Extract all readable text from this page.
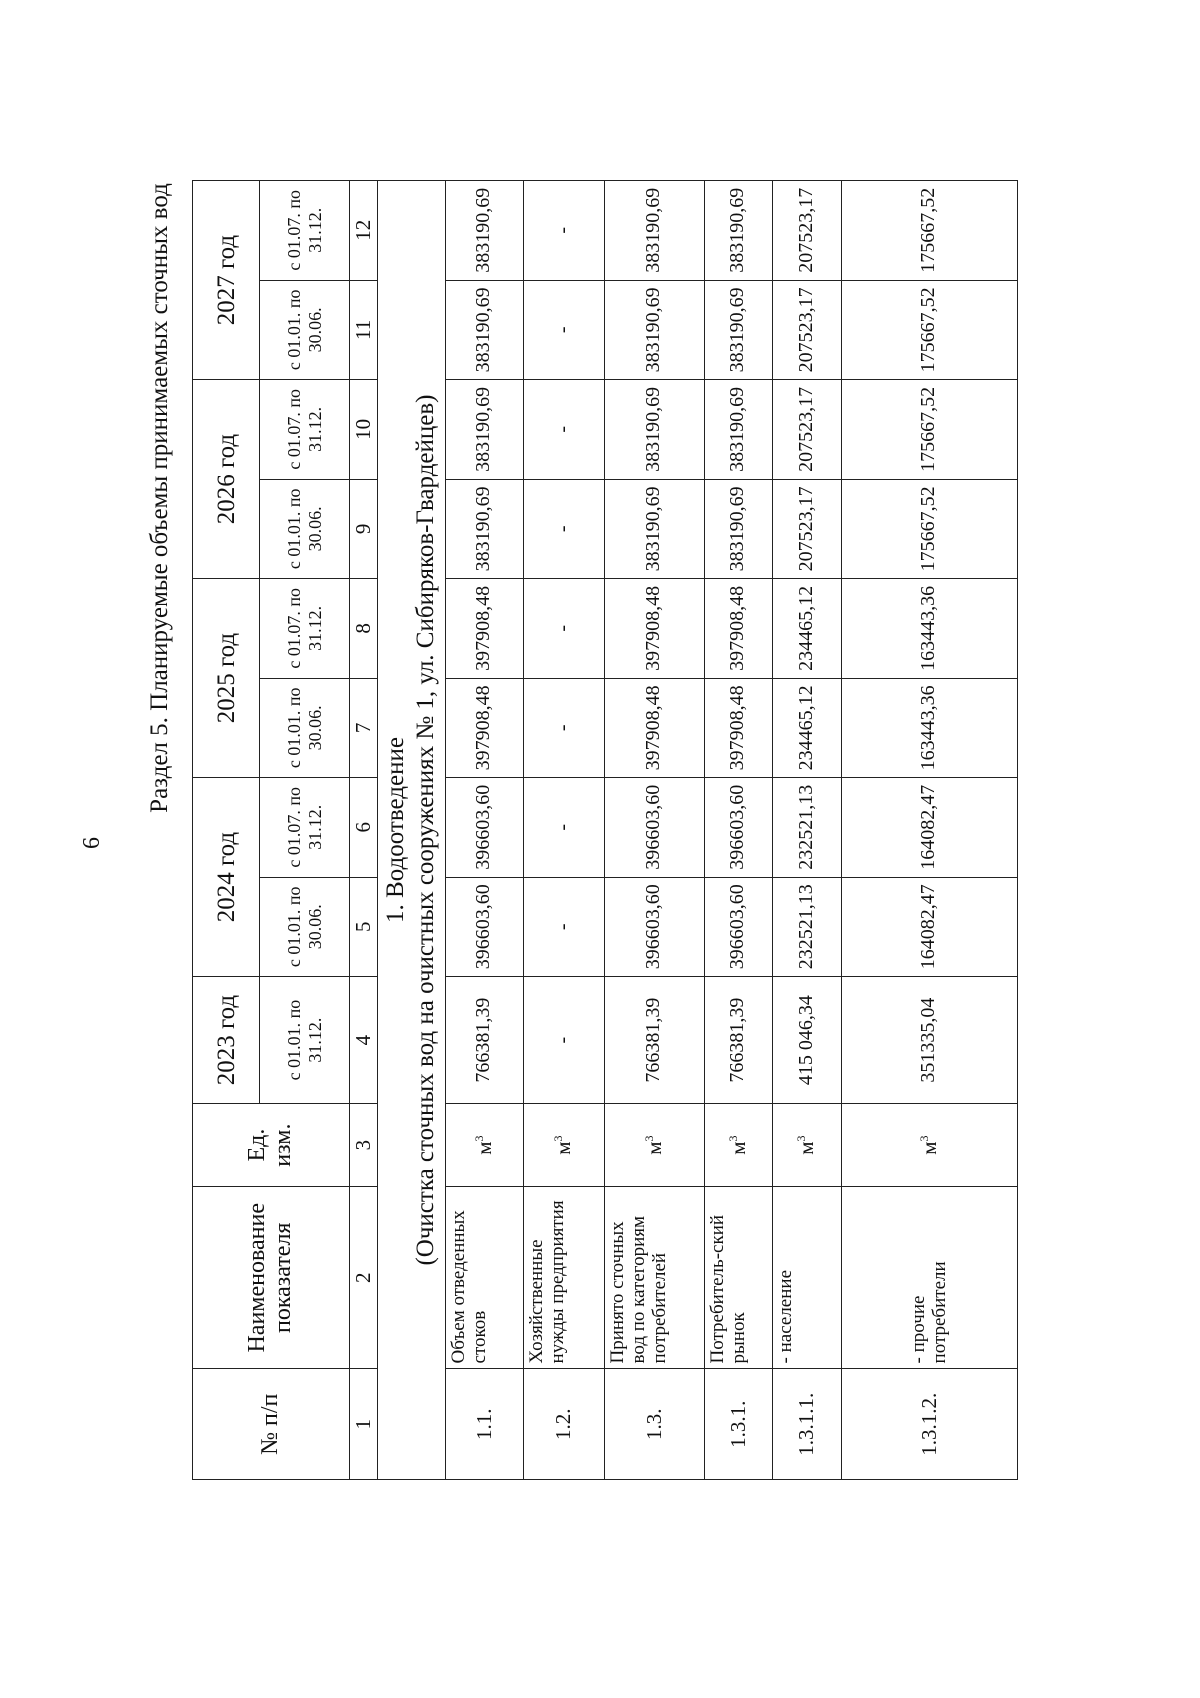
6
Раздел 5. Планируемые объемы принимаемых сточных вод
№ п/п	Наименование показателя	Ед. изм.	2023 год	2024 год		2025 год		2026 год		2027 год	
			с 01.01. по 31.12.	с 01.01. по 30.06.	с 01.07. по 31.12.	с 01.01. по 30.06.	с 01.07. по 31.12.	с 01.01. по 30.06.	с 01.07. по 31.12.	с 01.01. по 30.06.	с 01.07. по 31.12.
1	2	3	4	5	6	7	8	9	10	11	12

1. Водоотведение (Очистка сточных вод на очистных сооружениях № 1, ул. Сибиряков-Гвардейцев)											

1.1.	Объем отведенных стоков	$м^3$	766381,39	396603,60	396603,60	397908,48	397908,48	383190,69	383190,69	383190,69	383190,69
1.2.	Хозяйственные нужды предприятия	$м^3$	-	-	-	-	-	-	-	-	-
1.3.	Принято сточных вод по категориям потребителей	$м^3$	766381,39	396603,60	396603,60	397908,48	397908,48	383190,69	383190,69	383190,69	383190,69
1.3.1.	Потребитель-ский рынок	$м^3$	766381,39	396603,60	396603,60	397908,48	397908,48	383190,69	383190,69	383190,69	383190,69
1.3.1.1.	- население	$м^3$	415 046,34	232521,13	232521,13	234465,12	234465,12	207523,17	207523,17	207523,17	207523,17
1.3.1.2.	- прочие потребители	$м^3$	351335,04	164082,47	164082,47	163443,36	163443,36	175667,52	175667,52	175667,52	175667,52
